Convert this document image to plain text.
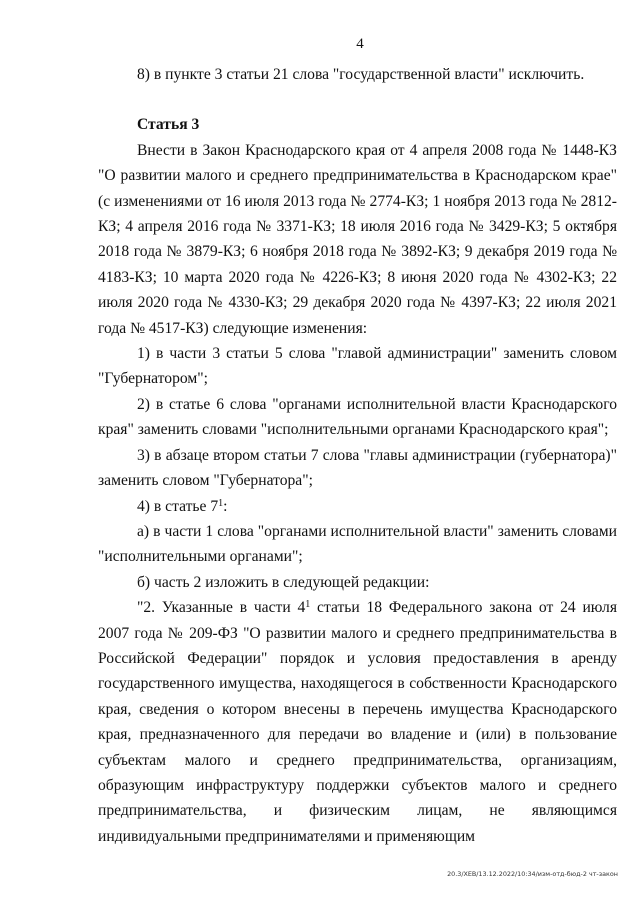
4

8) в пункте 3 статьи 21 слова "государственной власти" исключить.

Статья 3

Внести в Закон Краснодарского края от 4 апреля 2008 года № 1448-КЗ "О развитии малого и среднего предпринимательства в Краснодарском крае" (с изменениями от 16 июля 2013 года № 2774-КЗ; 1 ноября 2013 года № 2812-КЗ; 4 апреля 2016 года № 3371-КЗ; 18 июля 2016 года № 3429-КЗ; 5 октября 2018 года № 3879-КЗ; 6 ноября 2018 года № 3892-КЗ; 9 декабря 2019 года № 4183-КЗ; 10 марта 2020 года № 4226-КЗ; 8 июня 2020 года № 4302-КЗ; 22 июля 2020 года № 4330-КЗ; 29 декабря 2020 года № 4397-КЗ; 22 июля 2021 года № 4517-КЗ) следующие изменения:

1) в части 3 статьи 5 слова "главой администрации" заменить словом "Губернатором";

2) в статье 6 слова "органами исполнительной власти Краснодарского края" заменить словами "исполнительными органами Краснодарского края";

3) в абзаце втором статьи 7 слова "главы администрации (губернатора)" заменить словом "Губернатора";

4) в статье $7^1$:

а) в части 1 слова "органами исполнительной власти" заменить словами "исполнительными органами";

б) часть 2 изложить в следующей редакции:

"2. Указанные в части $4^1$ статьи 18 Федерального закона от 24 июля 2007 года № 209-ФЗ "О развитии малого и среднего предпринимательства в Российской Федерации" порядок и условия предоставления в аренду государственного имущества, находящегося в собственности Краснодарского края, сведения о котором внесены в перечень имущества Краснодарского края, предназначенного для передачи во владение и (или) в пользование субъектам малого и среднего предпринимательства, организациям, образующим инфраструктуру поддержки субъектов малого и среднего предпринимательства, и физическим лицам, не являющимся индивидуальными предпринимателями и применяющим

20.3/ХЕВ/13.12.2022/10:34/изм-отд-бюд-2 чт-закон
